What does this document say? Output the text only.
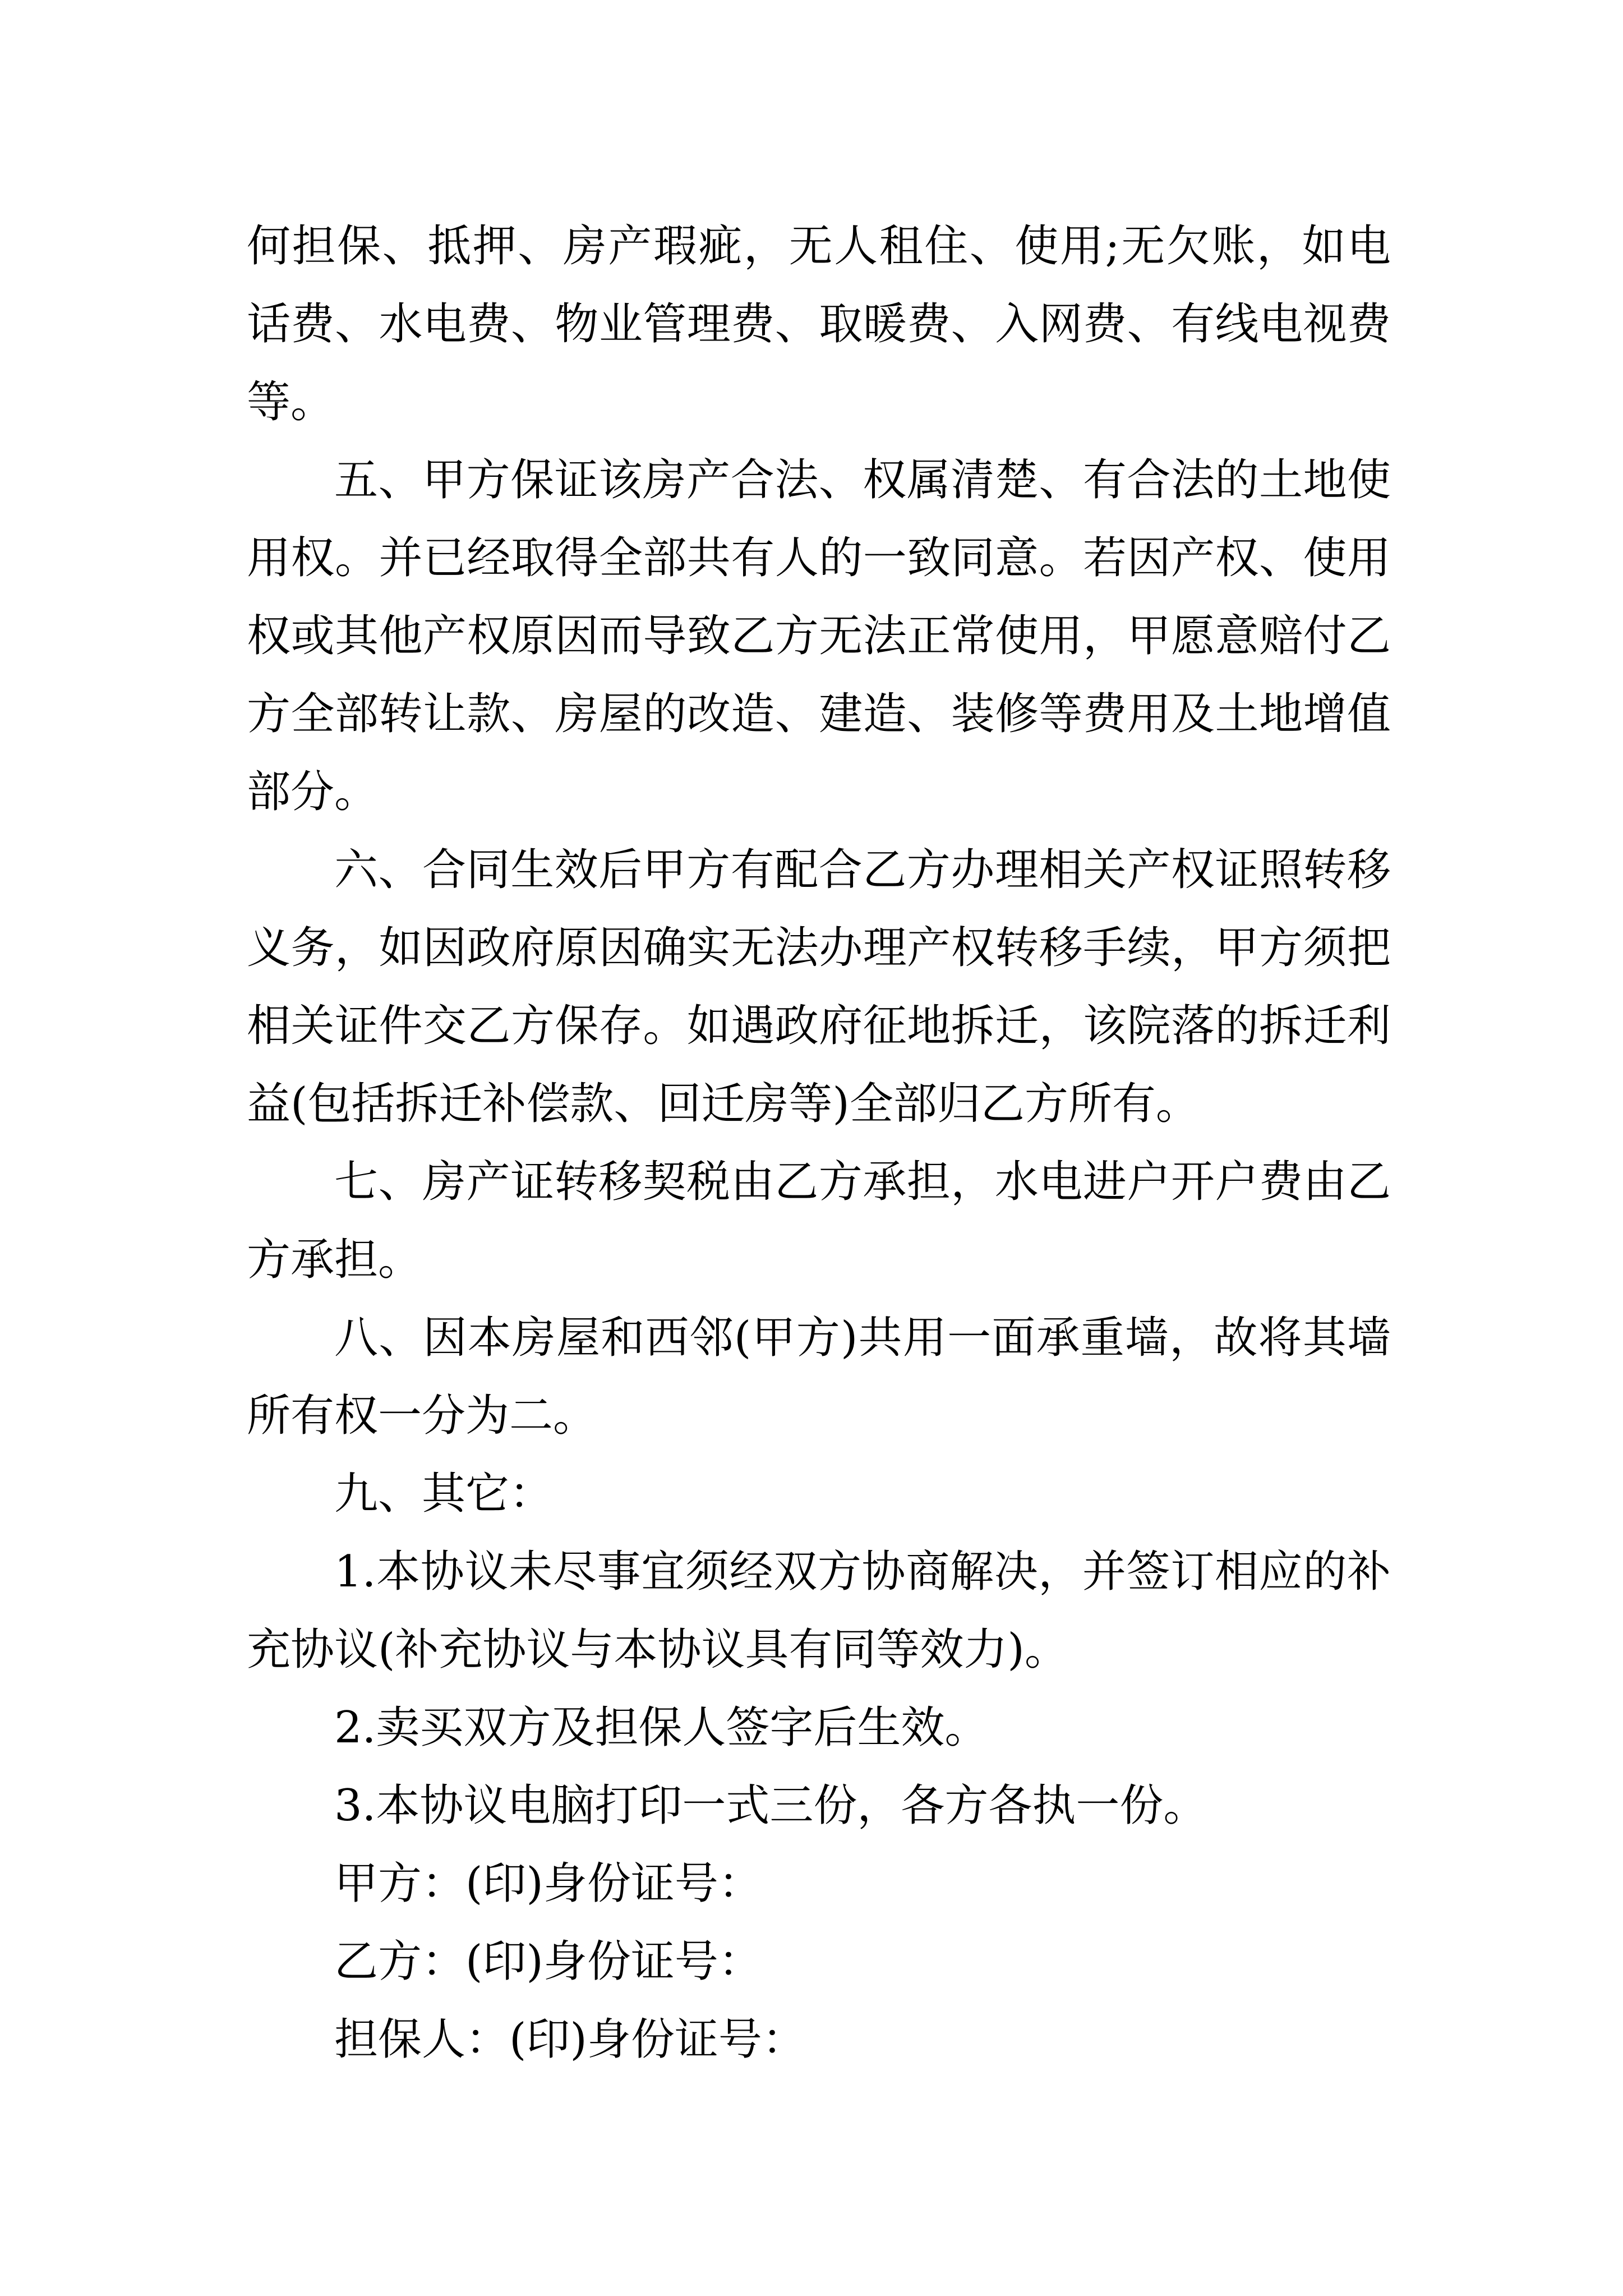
何担保、抵押、房产瑕疵，无人租住、使用;无欠账，如电
话费、水电费、物业管理费、取暖费、入网费、有线电视费
等。
五、甲方保证该房产合法、权属清楚、有合法的土地使
用权。并已经取得全部共有人的一致同意。若因产权、使用
权或其他产权原因而导致乙方无法正常使用，甲愿意赔付乙
方全部转让款、房屋的改造、建造、装修等费用及土地增值
部分。
六、合同生效后甲方有配合乙方办理相关产权证照转移
义务，如因政府原因确实无法办理产权转移手续，甲方须把
相关证件交乙方保存。如遇政府征地拆迁，该院落的拆迁利
益(包括拆迁补偿款、回迁房等)全部归乙方所有。
七、房产证转移契税由乙方承担，水电进户开户费由乙
方承担。
八、因本房屋和西邻(甲方)共用一面承重墙，故将其墙
所有权一分为二。
九、其它：
1.本协议未尽事宜须经双方协商解决，并签订相应的补
充协议(补充协议与本协议具有同等效力)。
2.卖买双方及担保人签字后生效。
3.本协议电脑打印一式三份，各方各执一份。
甲方：(印)身份证号：
乙方：(印)身份证号：
担保人：(印)身份证号：
